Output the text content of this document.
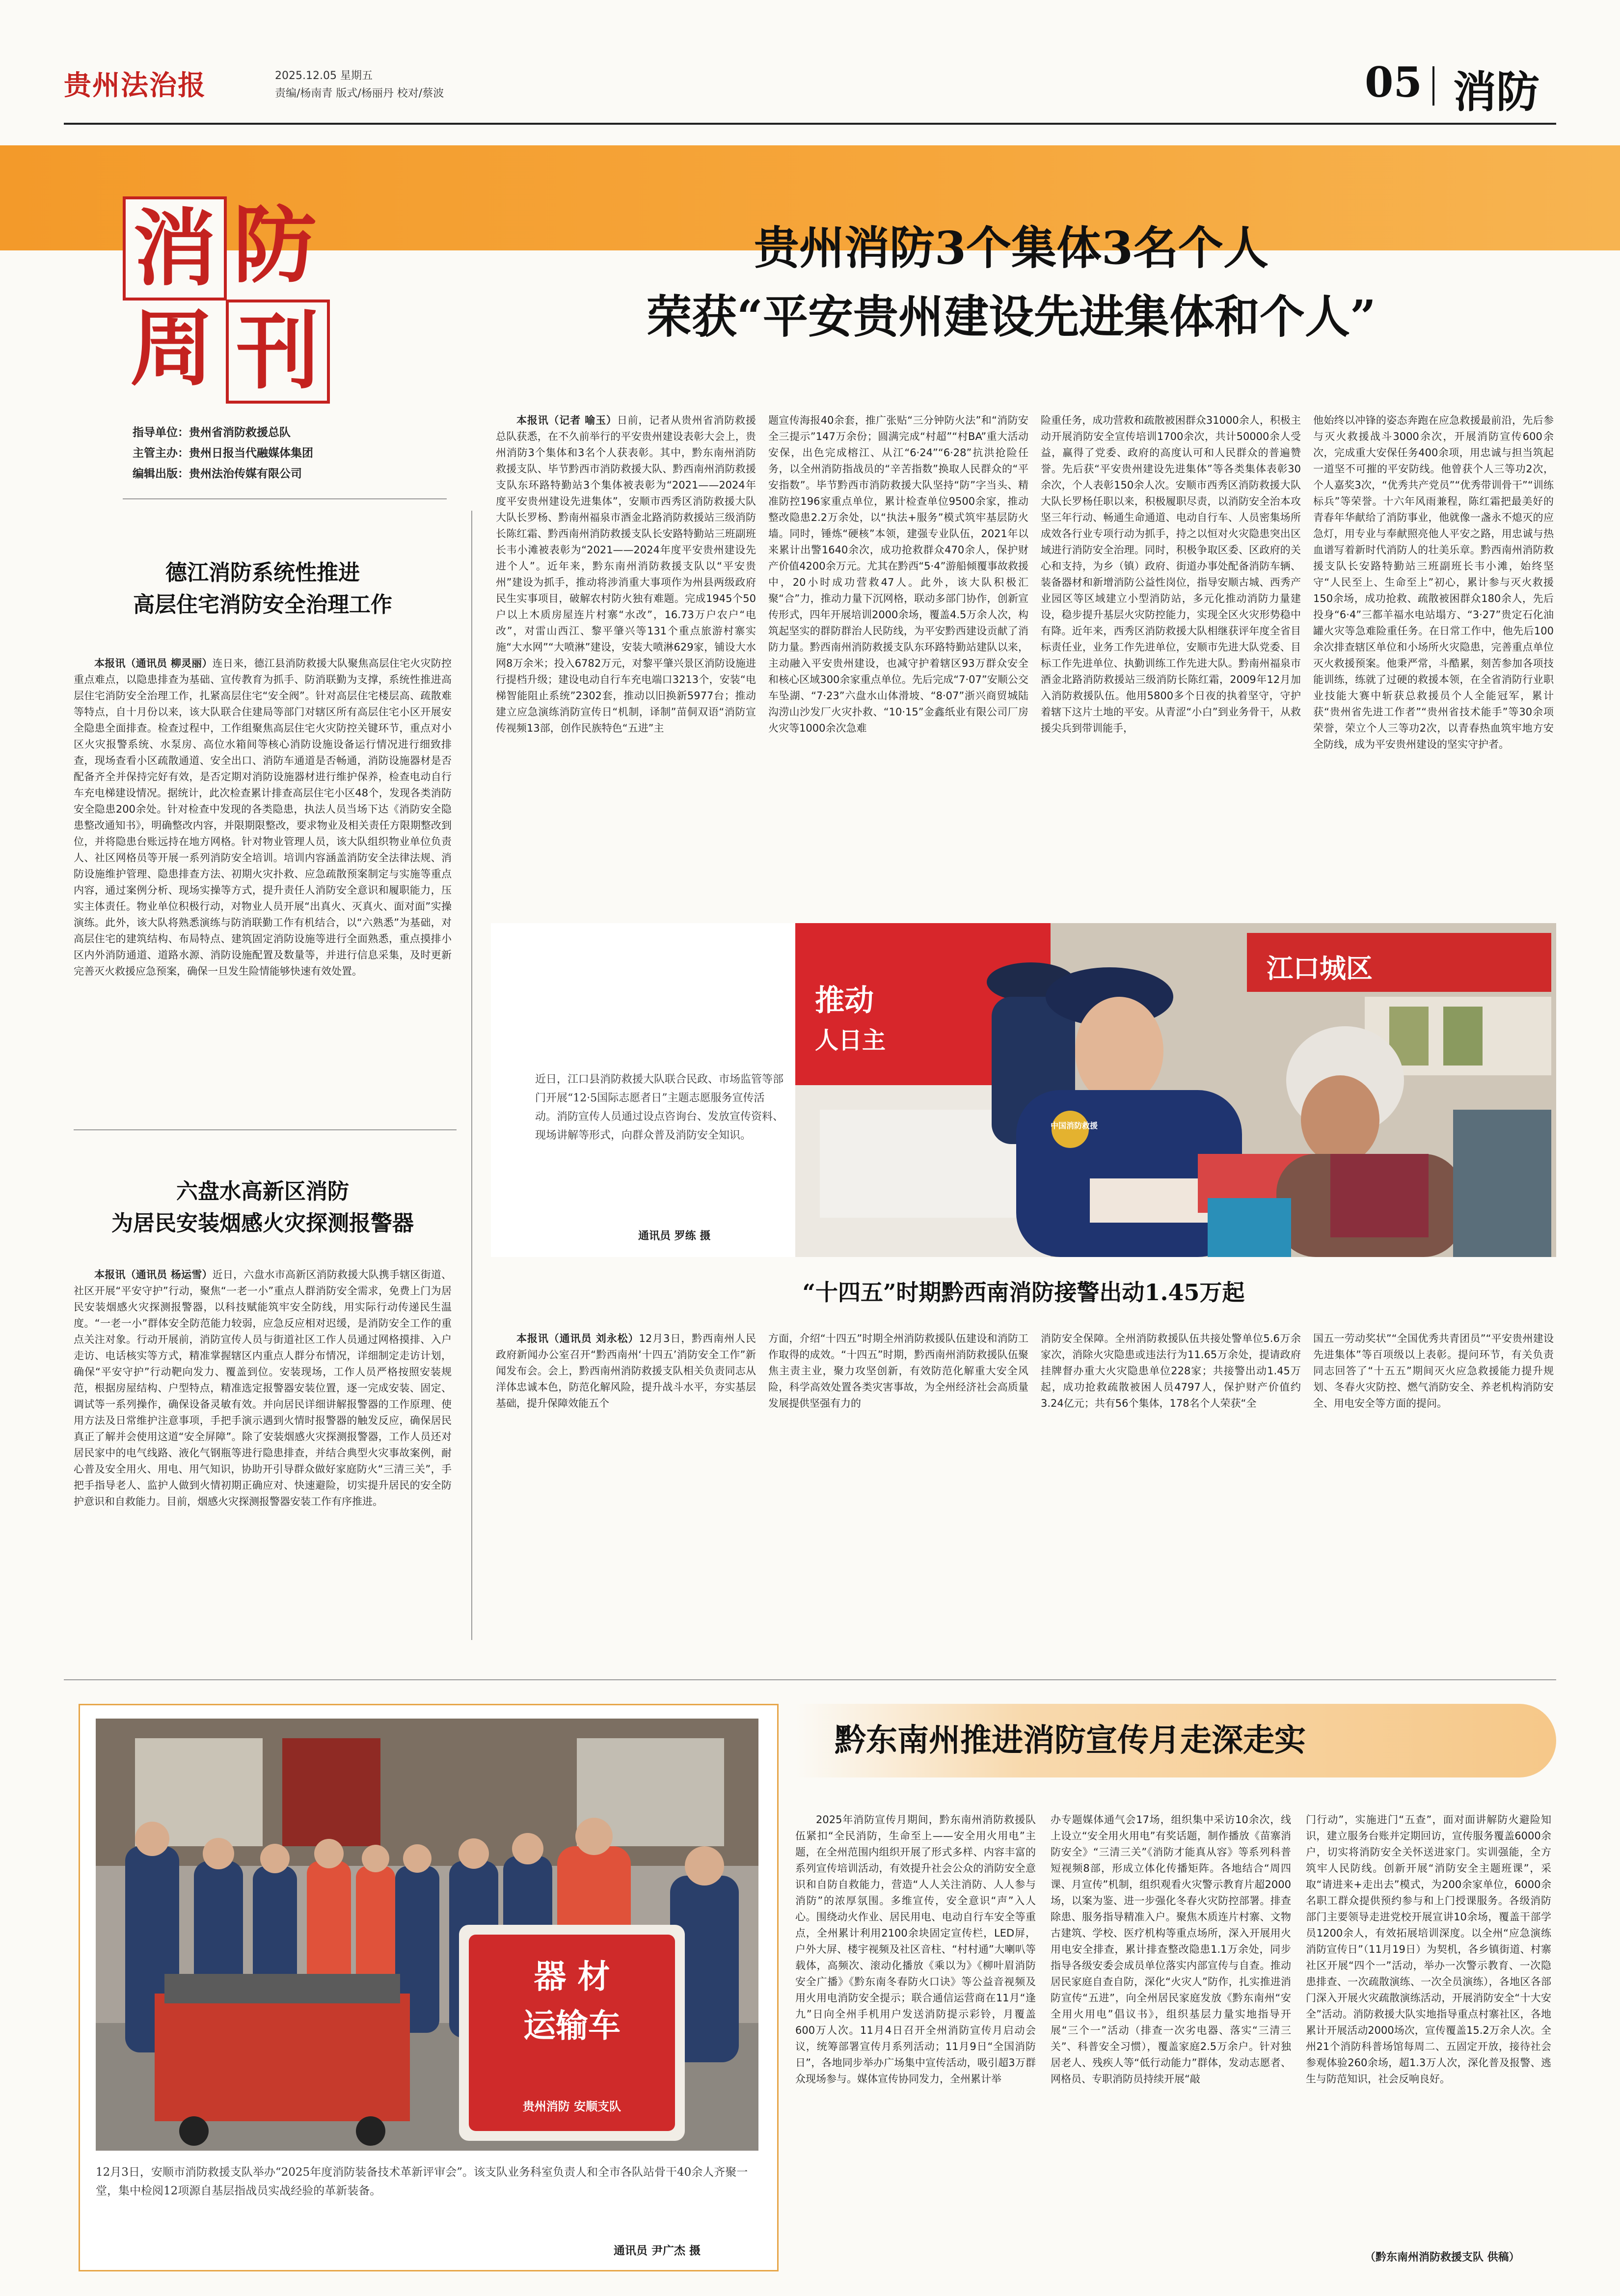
贵州法治报	2025.12.05 星期五
责编/杨南青 版式/杨丽丹 校对/蔡波	05 消防
消 防
周 刊
指导单位：贵州省消防救援总队
主管主办：贵州日报当代融媒体集团
编辑出版：贵州法治传媒有限公司
贵州消防3个集体3名个人
荣获“平安贵州建设先进集体和个人”

本报讯（记者 喻玉）日前，记者从贵州省消防救援总队获悉，在不久前举行的平安贵州建设表彰大会上，贵州消防3个集体和3名个人获表彰。其中，黔东南州消防救援支队、毕节黔西市消防救援大队、黔西南州消防救援支队东环路特勤站3个集体被表彰为“2021——2024年度平安贵州建设先进集体”，安顺市西秀区消防救援大队大队长罗杨、黔南州福泉市酒金北路消防救援站三级消防长陈红霜、黔西南州消防救援支队长安路特勤站三班副班长韦小滩被表彰为“2021——2024年度平安贵州建设先进个人”。近年来，黔东南州消防救援支队以“平安贵州”建设为抓手，推动将涉消重大事项作为州县两级政府民生实事项目，破解农村防火独有难题。完成1945个50户以上木质房屋连片村寨“水改”，16.73万户农户“电改”，对雷山西江、黎平肇兴等131个重点旅游村寨实施“大水网”“大喷淋”建设，安装大喷淋629家，铺设大水网8万余米；投入6782万元，对黎平肇兴景区消防设施进行提档升级；建设电动自行车充电端口3213个，安装“电梯智能阻止系统”2302套，推动以旧换新5977台；推动建立应急演练消防宣传日“机制，译制”苗侗双语“消防宣传视频13部，创作民族特色“五进”主

题宣传海报40余套，推广张贴“三分钟防火法”和“消防安全三提示”147万余份；圆满完成“村超”“村BA”重大活动安保，出色完成榕江、从江“6·24”“6·28”抗洪抢险任务，以全州消防指战员的“辛苦指数”换取人民群众的“平安指数”。毕节黔西市消防救援大队坚持“防”字当头、精准防控196家重点单位，累计检查单位9500余家，推动整改隐患2.2万余处，以“执法+服务”模式筑牢基层防火墙。同时，锤炼“硬核”本领，建强专业队伍，2021年以来累计出警1640余次，成功抢救群众470余人，保护财产价值4200余万元。尤其在黔西“5·4”游船倾覆事故救援中，20小时成功营救47人。此外，该大队积极汇聚“合”力，推动力量下沉网格，联动多部门协作，创新宣传形式，四年开展培训2000余场，覆盖4.5万余人次，构筑起坚实的群防群治人民防线，为平安黔西建设贡献了消防力量。黔西南州消防救援支队东环路特勤站建队以来，主动融入平安贵州建设，也减守护着辖区93万群众安全和核心区域300余家重点单位。先后完成“7·07”安顺公交车坠湖、“7·23”六盘水山体滑坡、“8·07”浙兴商贸城陆沟涝山沙发厂火灾扑救、“10·15”金鑫纸业有限公司厂房火灾等1000余次急难

险重任务，成功营救和疏散被困群众31000余人，积极主动开展消防安全宣传培训1700余次，共计50000余人受益，赢得了党委、政府的高度认可和人民群众的普遍赞誉。先后获“平安贵州建设先进集体”等各类集体表彰30余次，个人表彰150余人次。安顺市西秀区消防救援大队大队长罗杨任职以来，积极履职尽责，以消防安全治本攻坚三年行动、畅通生命通道、电动自行车、人员密集场所成效各行业专项行动为抓手，持之以恒对火灾隐患突出区域进行消防安全治理。同时，积极争取区委、区政府的关心和支持，为乡（镇）政府、街道办事处配备消防车辆、装备器材和新增消防公益性岗位，指导安顺古城、西秀产业园区等区域建立小型消防站，多元化推动消防力量建设，稳步提升基层火灾防控能力，实现全区火灾形势稳中有降。近年来，西秀区消防救援大队相继获评年度全省目标责任业，业务工作先进单位，安顺市先进大队党委、目标工作先进单位、执勤训练工作先进大队。黔南州福泉市酒金北路消防救援站三级消防长陈红霜，2009年12月加入消防救援队伍。他用5800多个日夜的执着坚守，守护着辖下这片土地的平安。从青涩“小白”到业务骨干，从救援尖兵到带训能手，

他始终以冲锋的姿态奔跑在应急救援最前沿，先后参与灭火救援战斗3000余次，开展消防宣传600余次，完成重大安保任务400余项，用忠诚与担当筑起一道坚不可摧的平安防线。他曾获个人三等功2次，个人嘉奖3次，“优秀共产党员”“优秀带训骨干”“训练标兵”等荣誉。十六年风雨兼程，陈红霜把最美好的青春年华献给了消防事业，他就像一盏永不熄灭的应急灯，用专业与奉献照亮他人平安之路，用忠诚与热血谱写着新时代消防人的壮美乐章。黔西南州消防救援支队长安路特勤站三班副班长韦小滩，始终坚守“人民至上、生命至上”初心，累计参与灭火救援150余场，成功抢救、疏散被困群众180余人，先后投身“6·4”三都羊福水电站塌方、“3·27”贵定石化油罐火灾等急难险重任务。在日常工作中，他先后100余次排查辖区单位和小场所火灾隐患，完善重点单位灭火救援预案。他秉严常，斗酷累，刻苦参加各项技能训练，练就了过硬的救援本领，在全省消防行业职业技能大赛中斩获总救援员个人全能冠军，累计获“贵州省先进工作者”“贵州省技术能手”等30余项荣誉，荣立个人三等功2次，以青春热血筑牢地方安全防线，成为平安贵州建设的坚实守护者。

德江消防系统性推进
高层住宅消防安全治理工作

本报讯（通讯员 柳灵丽）连日来，德江县消防救援大队聚焦高层住宅火灾防控重点难点，以隐患排查为基础、宣传教育为抓手、防消联勤为支撑，系统性推进高层住宅消防安全治理工作，扎紧高层住宅“安全阀”。针对高层住宅楼层高、疏散难等特点，自十月份以来，该大队联合住建局等部门对辖区所有高层住宅小区开展安全隐患全面排查。检查过程中，工作组聚焦高层住宅火灾防控关键环节，重点对小区火灾报警系统、水泵房、高位水箱间等核心消防设施设备运行情况进行细致排查，现场查看小区疏散通道、安全出口、消防车通道是否畅通，消防设施器材是否配备齐全并保持完好有效，是否定期对消防设施器材进行维护保养，检查电动自行车充电梯建设情况。据统计，此次检查累计排查高层住宅小区48个，发现各类消防安全隐患200余处。针对检查中发现的各类隐患，执法人员当场下达《消防安全隐患整改通知书》，明确整改内容，并限期限整改，要求物业及相关责任方限期整改到位，并将隐患台账远持在地方网格。针对物业管理人员，该大队组织物业单位负责人、社区网格员等开展一系列消防安全培训。培训内容涵盖消防安全法律法规、消防设施维护管理、隐患排查方法、初期火灾扑救、应急疏散预案制定与实施等重点内容，通过案例分析、现场实操等方式，提升责任人消防安全意识和履职能力，压实主体责任。物业单位积极行动，对物业人员开展“出真火、灭真火、面对面”实操演练。此外，该大队将熟悉演练与防消联勤工作有机结合，以“六熟悉”为基础，对高层住宅的建筑结构、布局特点、建筑固定消防设施等进行全面熟悉，重点摸排小区内外消防通道、道路水源、消防设施配置及数量等，并进行信息采集，及时更新完善灭火救援应急预案，确保一旦发生险情能够快速有效处置。

六盘水高新区消防
为居民安装烟感火灾探测报警器

本报讯（通讯员 杨运雪）近日，六盘水市高新区消防救援大队携手辖区街道、社区开展“平安守护”行动，聚焦“一老一小”重点人群消防安全需求，免费上门为居民安装烟感火灾探测报警器，以科技赋能筑牢安全防线，用实际行动传递民生温度。“一老一小”群体安全防范能力较弱，应急反应相对迟缓，是消防安全工作的重点关注对象。行动开展前，消防宣传人员与街道社区工作人员通过网格摸排、入户走访、电话核实等方式，精准掌握辖区内重点人群分布情况，详细制定走访计划，确保“平安守护”行动靶向发力、覆盖到位。安装现场，工作人员严格按照安装规范，根据房屋结构、户型特点，精准选定报警器安装位置，逐一完成安装、固定、调试等一系列操作，确保设备灵敏有效。并向居民详细讲解报警器的工作原理、使用方法及日常维护注意事项，手把手演示遇到火情时报警器的触发反应，确保居民真正了解并会使用这道“安全屏障”。除了安装烟感火灾探测报警器，工作人员还对居民家中的电气线路、液化气钢瓶等进行隐患排查，并结合典型火灾事故案例，耐心普及安全用火、用电、用气知识，协助开引导群众做好家庭防火“三清三关”，手把手指导老人、监护人做到火情初期正确应对、快速避险，切实提升居民的安全防护意识和自救能力。目前，烟感火灾探测报警器安装工作有序推进。

近日，江口县消防救援大队联合民政、市场监管等部门开展“12·5国际志愿者日”主题志愿服务宣传活动。消防宣传人员通过设点咨询台、发放宣传资料、现场讲解等形式，向群众普及消防安全知识。
通讯员 罗练 摄
推动
人日主
江口城区
中国消防救援
“十四五”时期黔西南消防接警出动1.45万起

本报讯（通讯员 刘永松）12月3日，黔西南州人民政府新闻办公室召开“黔西南州‘十四五’消防安全工作”新闻发布会。会上，黔西南州消防救援支队相关负责同志从洋体忠诚本色，防范化解风险，提升战斗水平，夯实基层基础，提升保障效能五个

方面，介绍“十四五”时期全州消防救援队伍建设和消防工作取得的成效。“十四五”时期，黔西南州消防救援队伍聚焦主责主业，聚力攻坚创新，有效防范化解重大安全风险，科学高效处置各类灾害事故，为全州经济社会高质量发展提供坚强有力的

消防安全保障。全州消防救援队伍共接处警单位5.6万余家次，消除火灾隐患或违法行为11.65万余处，提请政府挂牌督办重大火灾隐患单位228家；共接警出动1.45万起，成功抢救疏散被困人员4797人，保护财产价值约3.24亿元；共有56个集体，178名个人荣获“全

国五一劳动奖状”“全国优秀共青团员”“平安贵州建设先进集体”等百项级以上表彰。提问环节，有关负责同志回答了“十五五”期间灭火应急救援能力提升规划、冬春火灾防控、燃气消防安全、养老机构消防安全、用电安全等方面的提问。

器 材
运输车
贵州消防 安顺支队
12月3日，安顺市消防救援支队举办“2025年度消防装备技术革新评审会”。该支队业务科室负责人和全市各队站骨干40余人齐聚一堂，集中检阅12项源自基层指战员实战经验的革新装备。
通讯员 尹广杰 摄
黔东南州推进消防宣传月走深走实

2025年消防宣传月期间，黔东南州消防救援队伍紧扣“全民消防，生命至上——安全用火用电”主题，在全州范围内组织开展了形式多样、内容丰富的系列宣传培训活动，有效提升社会公众的消防安全意识和自防自救能力，营造“人人关注消防、人人参与消防”的浓厚氛围。多维宣传，安全意识“声”入人心。围绕动火作业、居民用电、电动自行车安全等重点，全州累计利用2100余块固定宣传栏，LED屏，户外大屏、楼宇视频及社区音柱、“村村通”大喇叭等载体，高频次、滚动化播放《乘以为》《柳叶眉消防安全广播》《黔东南冬春防火口诀》等公益音视频及用火用电消防安全提示；联合通信运营商在11月“逢九”日向全州手机用户发送消防提示彩铃，月覆盖600万人次。11月4日召开全州消防宣传月启动会议，统筹部署宣传月系列活动；11月9日“全国消防日”，各地同步举办广场集中宣传活动，吸引超3万群众现场参与。媒体宣传协同发力，全州累计举

办专题媒体通气会17场，组织集中采访10余次，线上设立“安全用火用电”有奖话题，制作播放《苗寨消防安全》“三清三关”《消防才能真从容》等系列科普短视频8部，形成立体化传播矩阵。各地结合“周四课、月宣传”机制，组织观看火灾警示教育片超2000场，以案为鉴、进一步强化冬春火灾防控部署。排查除患、服务指导精准入户。聚焦木质连片村寨、文物古建筑、学校、医疗机构等重点场所，深入开展用火用电安全排查，累计排查整改隐患1.1万余处，同步指导各级安委会成员单位落实内部宣传与自查。推动居民家庭自查自防，深化“火灾人”防作，扎实推进消防宣传“五进”，向全州居民家庭发放《黔东南州“安全用火用电”倡议书》，组织基层力量实地指导开展“三个一”活动（排查一次劣电器、落实“三清三关”、科普安全习惯），覆盖家庭2.5万余户。针对独居老人、残疾人等“低行动能力”群体，发动志愿者、网格员、专职消防员持续开展“敲

门行动”，实施进门“五查”，面对面讲解防火避险知识，建立服务台账并定期回访，宣传服务覆盖6000余户，切实将消防安全关怀送进家门。实训强能，全方筑牢人民防线。创新开展“消防安全主题班课”，采取“请进来+走出去”模式，为200余家单位，6000余名职工群众提供预约参与和上门授课服务。各级消防部门主要领导走进党校开展宣讲10余场，覆盖干部学员1200余人，有效拓展培训深度。以全州“应急演练消防宣传日”（11月19日）为契机，各乡镇街道、村寨社区开展“四个一”活动，举办一次警示教育、一次隐患排查、一次疏散演练、一次全员演练），各地区各部门深入开展火灾疏散演练活动，开展消防安全“十大安全”活动。消防救援大队实地指导重点村寨社区，各地累计开展活动2000场次，宣传覆盖15.2万余人次。全州21个消防科普场馆每周二、五固定开放，接待社会参观体验260余场，超1.3万人次，深化普及报警、逃生与防范知识，社会反响良好。

（黔东南州消防救援支队 供稿）
